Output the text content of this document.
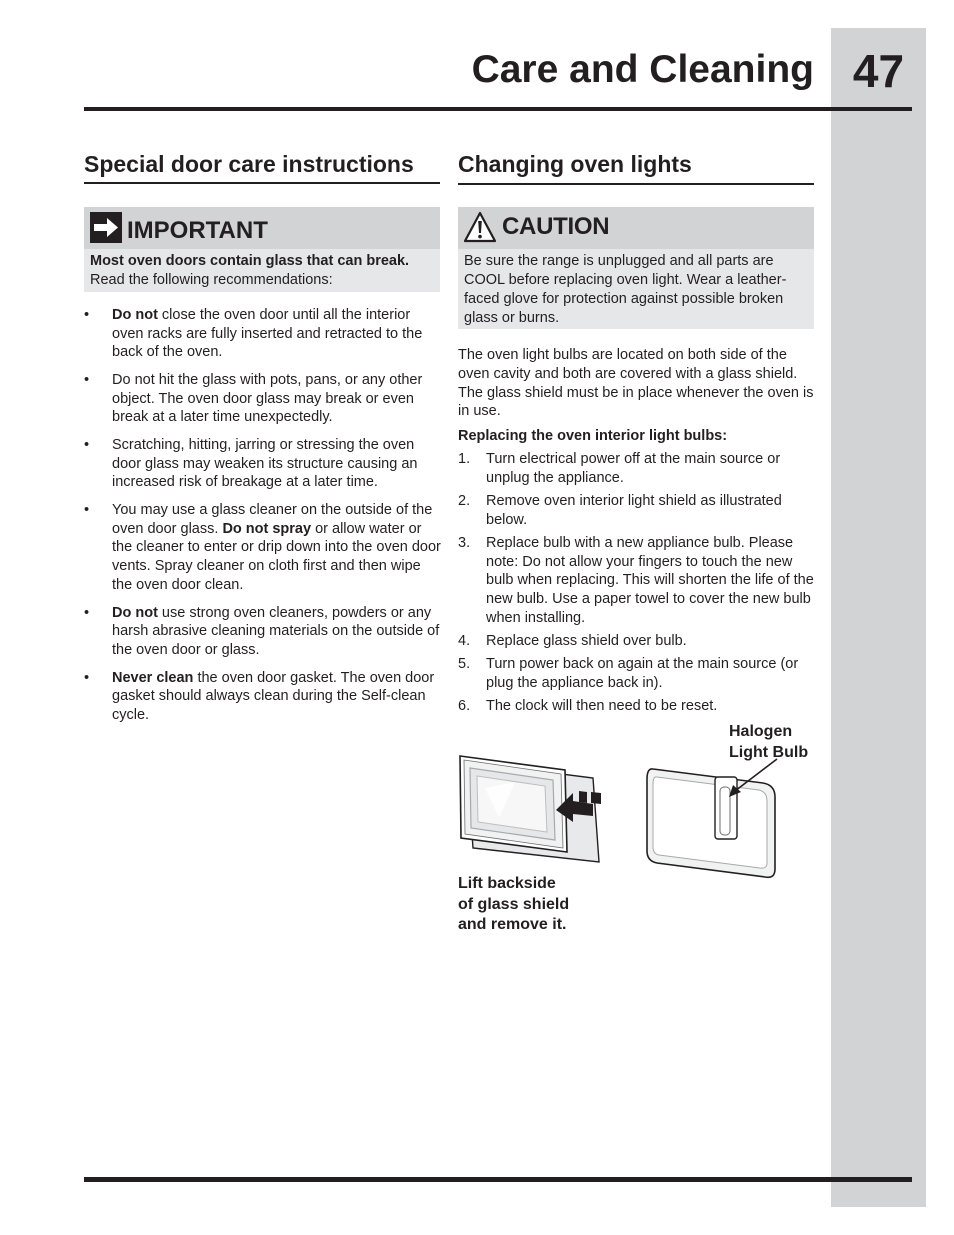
47
Care and Cleaning
Special door care instructions
IMPORTANT
Most oven doors contain glass that can break.
Read the following recommendations:
• Do not close the oven door until all the interior oven racks are fully inserted and retracted to the back of the oven.
• Do not hit the glass with pots, pans, or any other object. The oven door glass may break or even break at a later time unexpectedly.
• Scratching, hitting, jarring or stressing the oven door glass may weaken its structure causing an increased risk of breakage at a later time.
• You may use a glass cleaner on the outside of the oven door glass. Do not spray or allow water or the cleaner to enter or drip down into the oven door vents. Spray cleaner on cloth first and then wipe the oven door clean.
• Do not use strong oven cleaners, powders or any harsh abrasive cleaning materials on the outside of the oven door or glass.
• Never clean the oven door gasket. The oven door gasket should always clean during the Self-clean cycle.
Changing oven lights
CAUTION
Be sure the range is unplugged and all parts are COOL before replacing oven light. Wear a leather-faced glove for protection against possible broken glass or burns.

The oven light bulbs are located on both side of the oven cavity and both are covered with a glass shield. The glass shield must be in place whenever the oven is in use.

Replacing the oven interior light bulbs:
1. Turn electrical power off at the main source or unplug the appliance.
2. Remove oven interior light shield as illustrated below.
3. Replace bulb with a new appliance bulb. Please note: Do not allow your fingers to touch the new bulb when replacing. This will shorten the life of the new bulb. Use a paper towel to cover the new bulb when installing.
4. Replace glass shield over bulb.
5. Turn power back on again at the main source (or plug the appliance back in).
6. The clock will then need to be reset.
Halogen
Light Bulb
Lift backside
of glass shield
and remove it.
